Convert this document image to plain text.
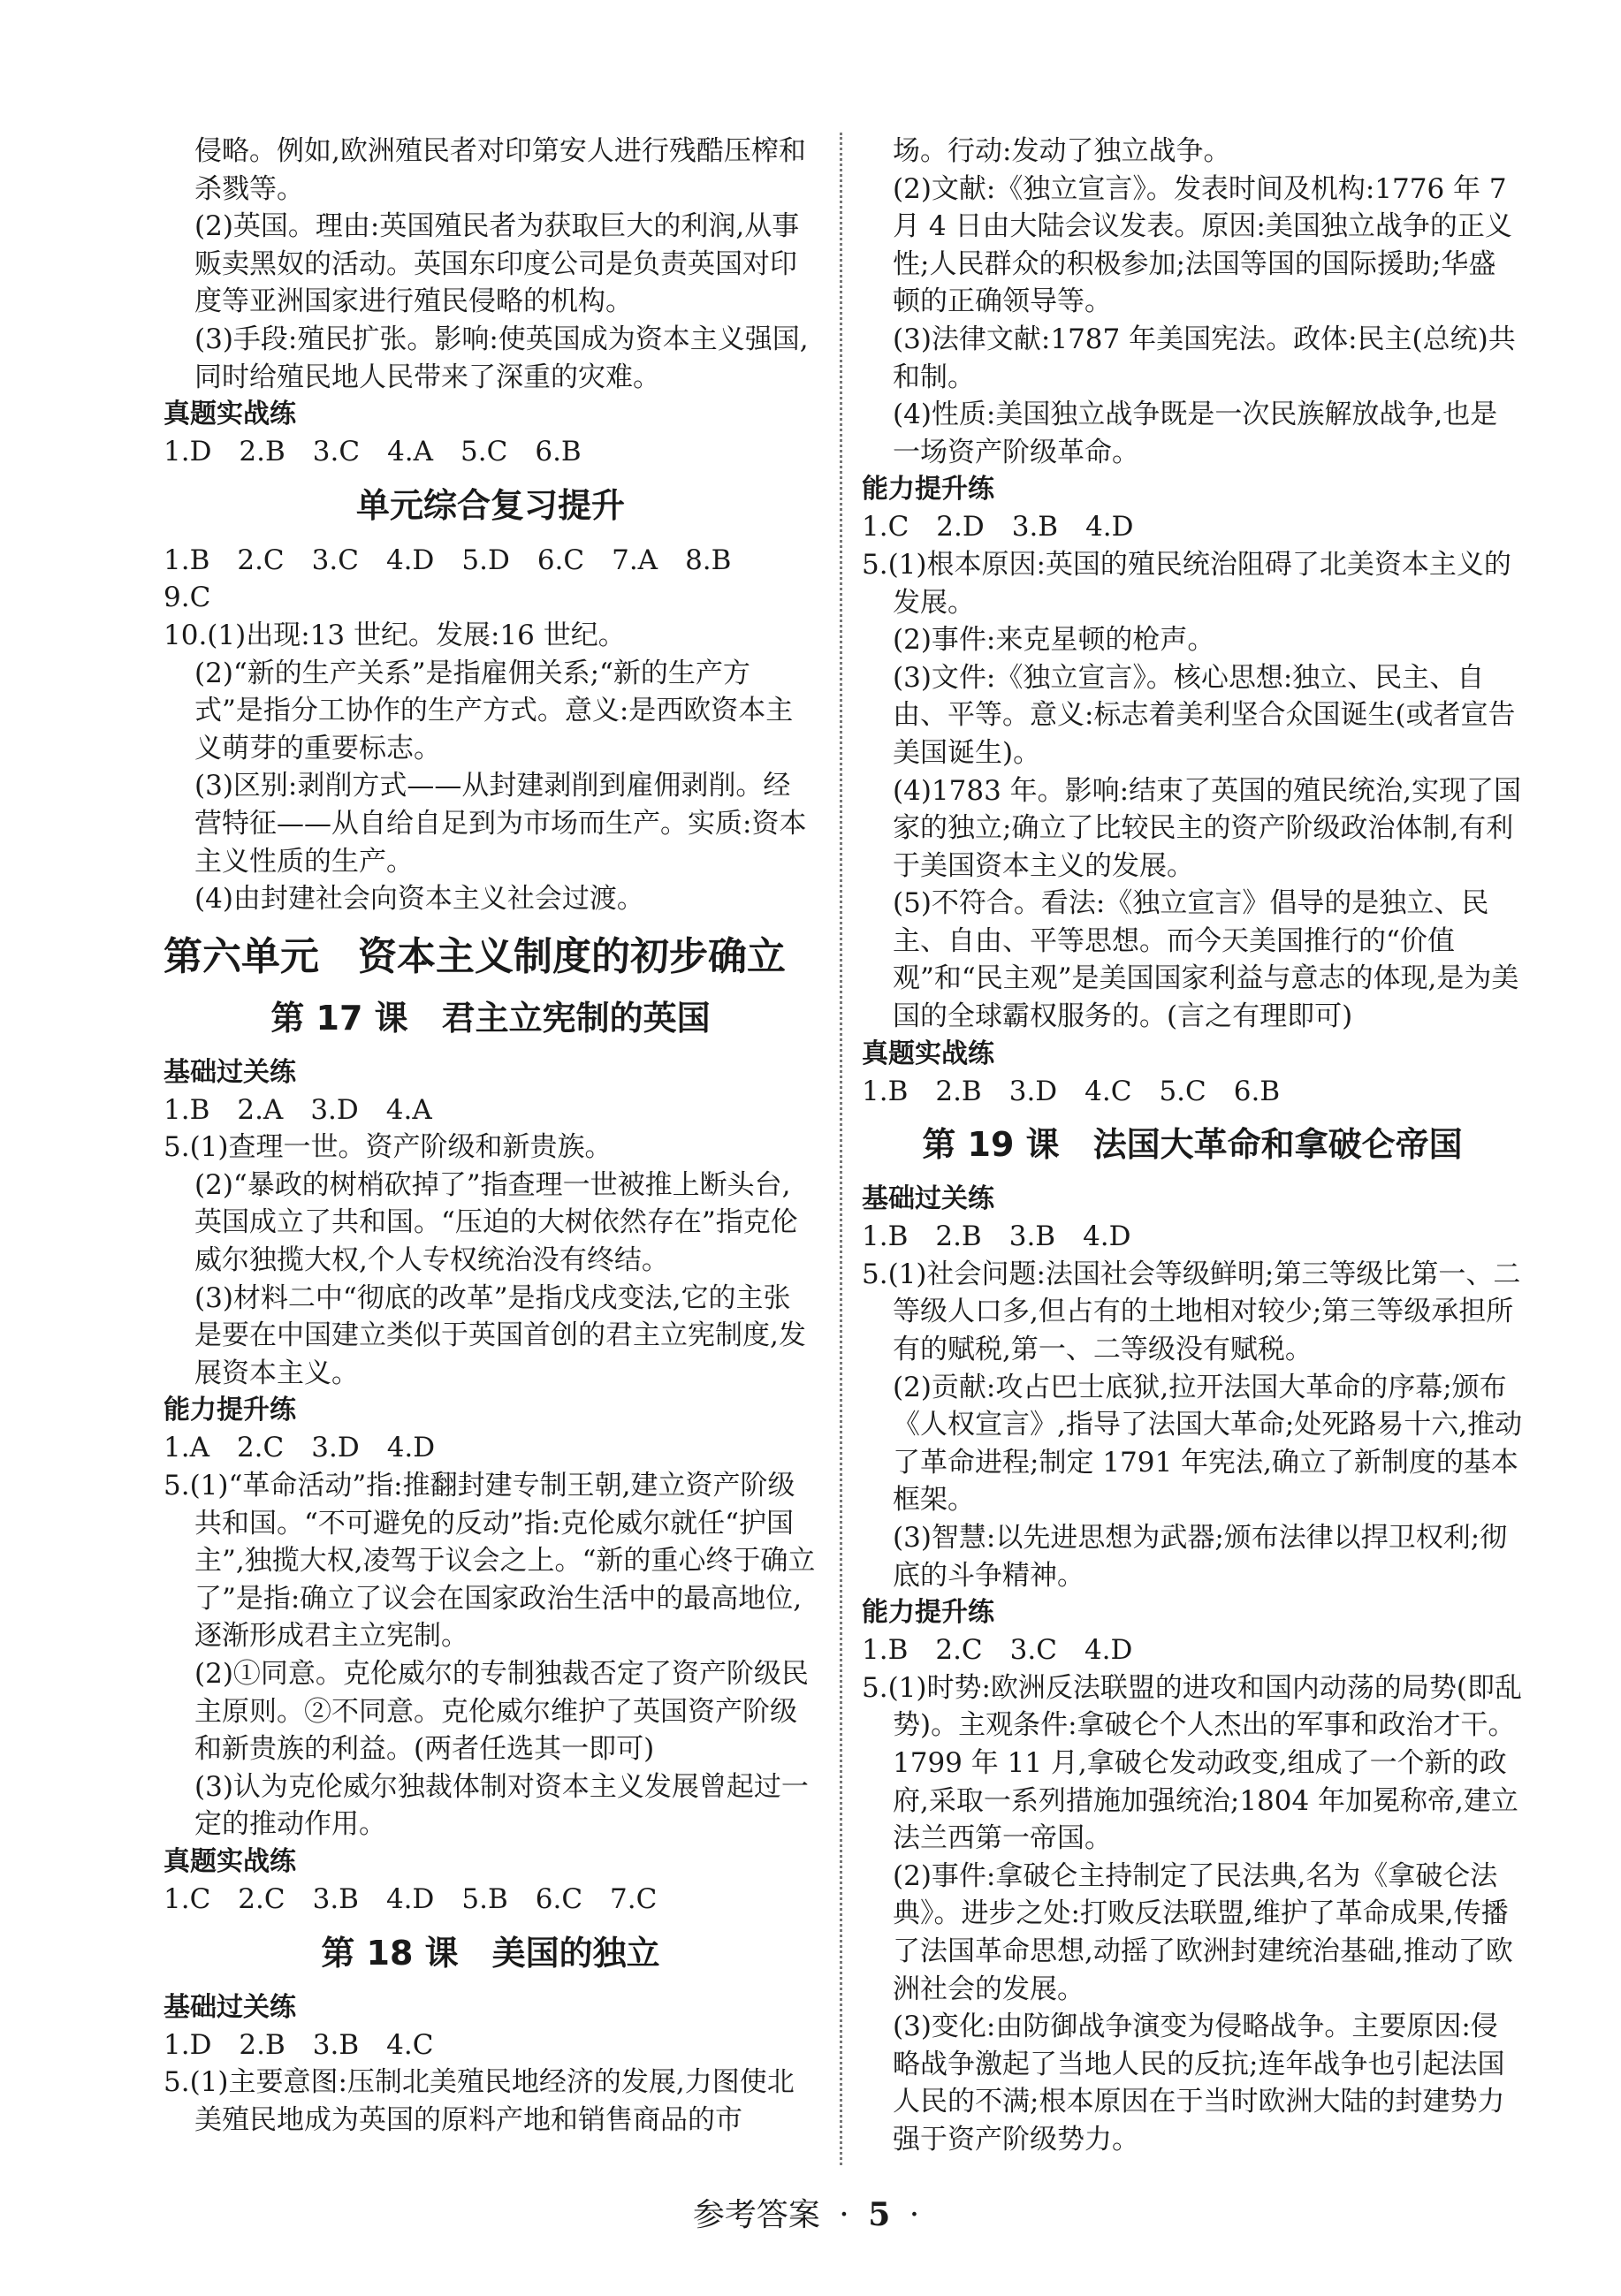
侵略。例如,欧洲殖民者对印第安人进行残酷压榨和杀戮等。

(2)英国。理由:英国殖民者为获取巨大的利润,从事贩卖黑奴的活动。英国东印度公司是负责英国对印度等亚洲国家进行殖民侵略的机构。

(3)手段:殖民扩张。影响:使英国成为资本主义强国,同时给殖民地人民带来了深重的灾难。

真题实战练

1.D　2.B　3.C　4.A　5.C　6.B

单元综合复习提升

1.B　2.C　3.C　4.D　5.D　6.C　7.A　8.B

9.C

10.(1)出现:13 世纪。发展:16 世纪。

(2)“新的生产关系”是指雇佣关系;“新的生产方式”是指分工协作的生产方式。意义:是西欧资本主义萌芽的重要标志。

(3)区别:剥削方式——从封建剥削到雇佣剥削。经营特征——从自给自足到为市场而生产。实质:资本主义性质的生产。

(4)由封建社会向资本主义社会过渡。

第六单元　资本主义制度的初步确立
第 17 课　君主立宪制的英国

基础过关练

1.B　2.A　3.D　4.A

5.(1)查理一世。资产阶级和新贵族。

(2)“暴政的树梢砍掉了”指查理一世被推上断头台,英国成立了共和国。“压迫的大树依然存在”指克伦威尔独揽大权,个人专权统治没有终结。

(3)材料二中“彻底的改革”是指戊戌变法,它的主张是要在中国建立类似于英国首创的君主立宪制度,发展资本主义。

能力提升练

1.A　2.C　3.D　4.D

5.(1)“革命活动”指:推翻封建专制王朝,建立资产阶级共和国。“不可避免的反动”指:克伦威尔就任“护国主”,独揽大权,凌驾于议会之上。“新的重心终于确立了”是指:确立了议会在国家政治生活中的最高地位,逐渐形成君主立宪制。

(2)①同意。克伦威尔的专制独裁否定了资产阶级民主原则。②不同意。克伦威尔维护了英国资产阶级和新贵族的利益。(两者任选其一即可)

(3)认为克伦威尔独裁体制对资本主义发展曾起过一定的推动作用。

真题实战练

1.C　2.C　3.B　4.D　5.B　6.C　7.C

第 18 课　美国的独立

基础过关练

1.D　2.B　3.B　4.C

5.(1)主要意图:压制北美殖民地经济的发展,力图使北美殖民地成为英国的原料产地和销售商品的市

场。行动:发动了独立战争。

(2)文献:《独立宣言》。发表时间及机构:1776 年 7 月 4 日由大陆会议发表。原因:美国独立战争的正义性;人民群众的积极参加;法国等国的国际援助;华盛顿的正确领导等。

(3)法律文献:1787 年美国宪法。政体:民主(总统)共和制。

(4)性质:美国独立战争既是一次民族解放战争,也是一场资产阶级革命。

能力提升练

1.C　2.D　3.B　4.D

5.(1)根本原因:英国的殖民统治阻碍了北美资本主义的发展。

(2)事件:来克星顿的枪声。

(3)文件:《独立宣言》。核心思想:独立、民主、自由、平等。意义:标志着美利坚合众国诞生(或者宣告美国诞生)。

(4)1783 年。影响:结束了英国的殖民统治,实现了国家的独立;确立了比较民主的资产阶级政治体制,有利于美国资本主义的发展。

(5)不符合。看法:《独立宣言》倡导的是独立、民主、自由、平等思想。而今天美国推行的“价值观”和“民主观”是美国国家利益与意志的体现,是为美国的全球霸权服务的。(言之有理即可)

真题实战练

1.B　2.B　3.D　4.C　5.C　6.B

第 19 课　法国大革命和拿破仑帝国

基础过关练

1.B　2.B　3.B　4.D

5.(1)社会问题:法国社会等级鲜明;第三等级比第一、二等级人口多,但占有的土地相对较少;第三等级承担所有的赋税,第一、二等级没有赋税。

(2)贡献:攻占巴士底狱,拉开法国大革命的序幕;颁布《人权宣言》,指导了法国大革命;处死路易十六,推动了革命进程;制定 1791 年宪法,确立了新制度的基本框架。

(3)智慧:以先进思想为武器;颁布法律以捍卫权利;彻底的斗争精神。

能力提升练

1.B　2.C　3.C　4.D

5.(1)时势:欧洲反法联盟的进攻和国内动荡的局势(即乱势)。主观条件:拿破仑个人杰出的军事和政治才干。1799 年 11 月,拿破仑发动政变,组成了一个新的政府,采取一系列措施加强统治;1804 年加冕称帝,建立法兰西第一帝国。

(2)事件:拿破仑主持制定了民法典,名为《拿破仑法典》。进步之处:打败反法联盟,维护了革命成果,传播了法国革命思想,动摇了欧洲封建统治基础,推动了欧洲社会的发展。

(3)变化:由防御战争演变为侵略战争。主要原因:侵略战争激起了当地人民的反抗;连年战争也引起法国人民的不满;根本原因在于当时欧洲大陆的封建势力强于资产阶级势力。

参考答案 · 5 ·
